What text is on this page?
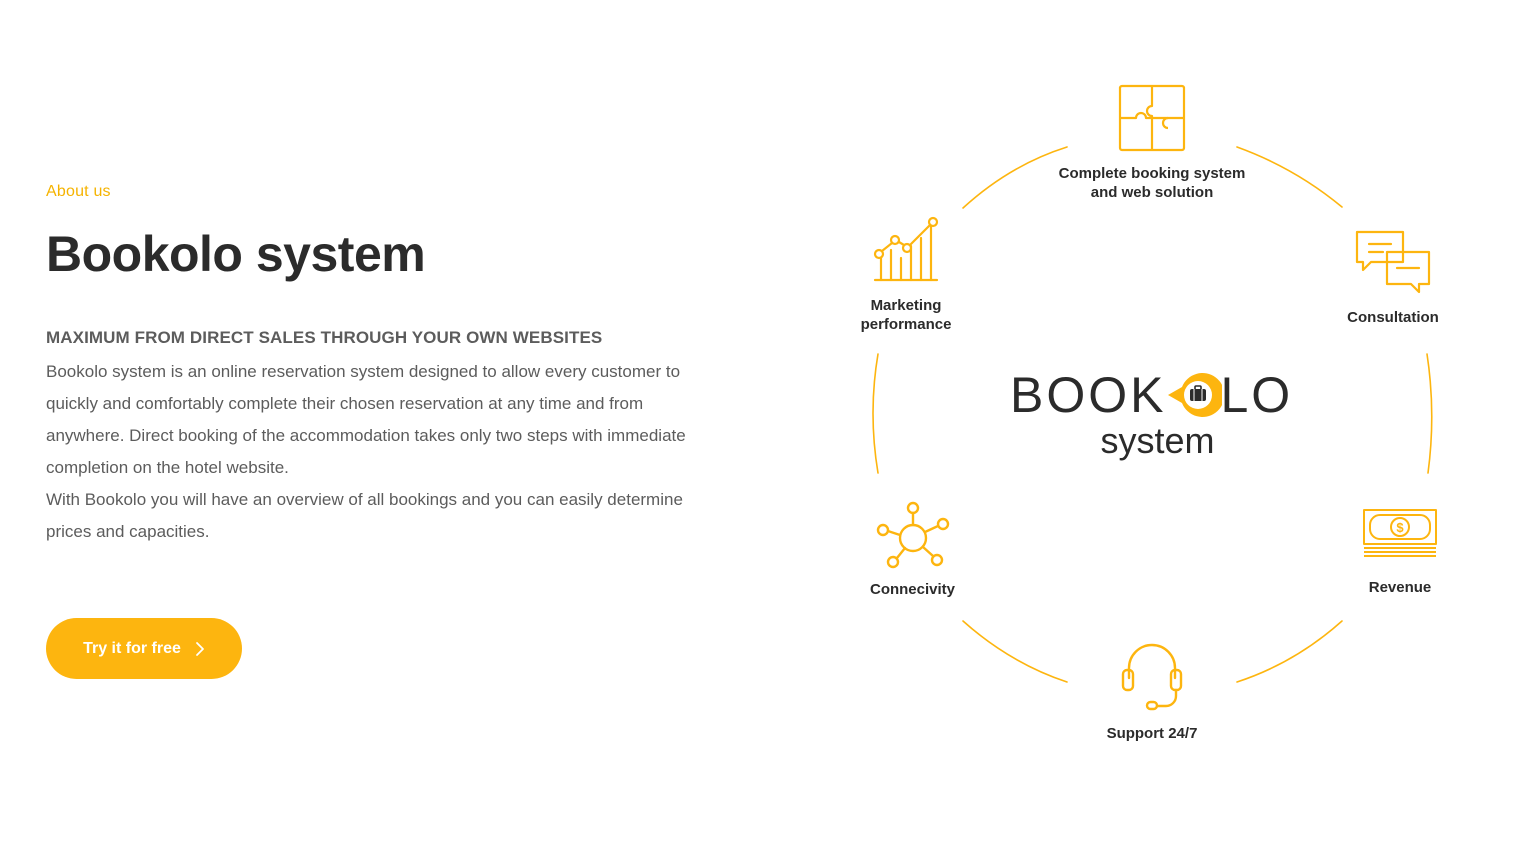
About us
Bookolo system
MAXIMUM FROM DIRECT SALES THROUGH YOUR OWN WEBSITES

Bookolo system is an online reservation system designed to allow every customer to quickly and comfortably complete their chosen reservation at any time and from anywhere. Direct booking of the accommodation takes only two steps with immediate completion on the hotel website.

With Bookolo you will have an overview of all bookings and you can easily determine prices and capacities.

Try it for free
Complete booking system
and web solution
Consultation
$
Revenue
Support 24/7
Connecivity
Marketing
performance
BOOK LO
system
